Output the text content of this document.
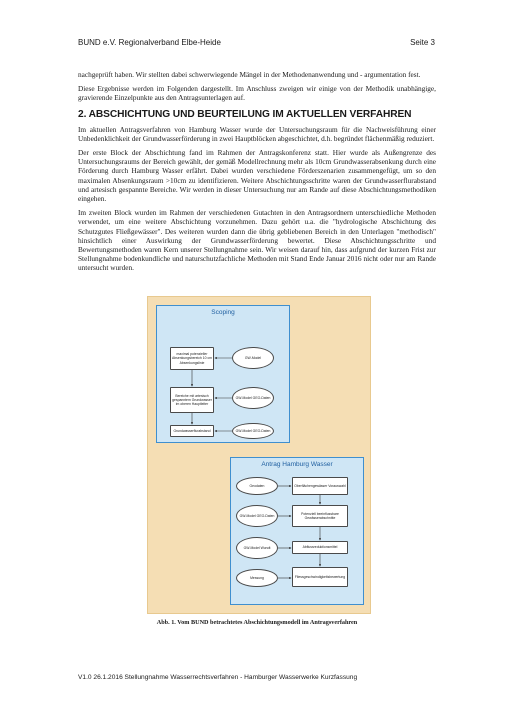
BUND e.V. Regionalverband Elbe-Heide	Seite 3

nachgeprüft haben. Wir stellten dabei schwerwiegende Mängel in der Methodenanwendung und - argumentation fest.

Diese Ergebnisse werden im Folgenden dargestellt. Im Anschluss zweigen wir einige von der Methodik unabhängige, gravierende Einzelpunkte aus den Antragsunterlagen auf.

2. ABSCHICHTUNG UND BEURTEILUNG IM AKTUELLEN VERFAHREN

Im aktuellen Antragsverfahren von Hamburg Wasser wurde der Untersuchungsraum für die Nachweisführung einer Unbedenklichkeit der Grundwasserförderung in zwei Hauptblöcken abgeschichtet, d.h. begründet flächenmäßig reduziert.

Der erste Block der Abschichtung fand im Rahmen der Antragskonferenz statt. Hier wurde als Außengrenze des Untersuchungsraums der Bereich gewählt, der gemäß Modellrechnung mehr als 10cm Grundwasserabsenkung durch eine Förderung durch Hamburg Wasser erfährt. Dabei wurden verschiedene Förderszenarien zusammengefügt, um so den maximalen Absenkungsraum >10cm zu identifizieren. Weitere Abschichtungsschritte waren der Grundwasserflurabstand und artesisch gespannte Bereiche. Wir werden in dieser Untersuchung nur am Rande auf diese Abschichtungsmethodiken eingehen.

Im zweiten Block wurden im Rahmen der verschiedenen Gutachten in den Antragsordnern unterschiedliche Methoden verwendet, um eine weitere Abschichtung vorzunehmen. Dazu gehört u.a. die "hydrologische Abschichtung des Schutzgutes Fließgewässer". Des weiteren wurden dann die übrig gebliebenen Bereich in den Unterlagen "methodisch" hinsichtlich einer Auswirkung der Grundwasserförderung bewertet. Diese Abschichtungsschritte und Bewertungsmethoden waren Kern unserer Stellungnahme sein. Wir weisen darauf hin, dass aufgrund der kurzen Frist zur Stellungnahme bodenkundliche und naturschutzfachliche Methoden mit Stand Ende Januar 2016 nicht oder nur am Rande untersucht wurden.

Scoping
maximal potenzieller Absenkungsbereich 10 cm Absenkungslinie
Bereiche mit artesisch gespanntem Grundwasser im oberen Hauptleiter
Grundwasserflurabstand
GW-Model
GW-Model GEO-Daten
GW-Model GEO-Daten
Antrag Hamburg Wasser
Geodaten
GW-Model GEO-Daten
GW-Model Wundt
Messung
Oberflächengewässer Vorauswahl
Potenziell beeinflussbare Gewässerabschnitte
Abflussreduktionsmittel
Fliessgeschwindigkeitsbewertung
Abb. 1. Vom BUND betrachtetes Abschichtungsmodell im Antragsverfahren
V1.0 26.1.2016 Stellungnahme Wasserrechtsverfahren - Hamburger Wasserwerke Kurzfassung
